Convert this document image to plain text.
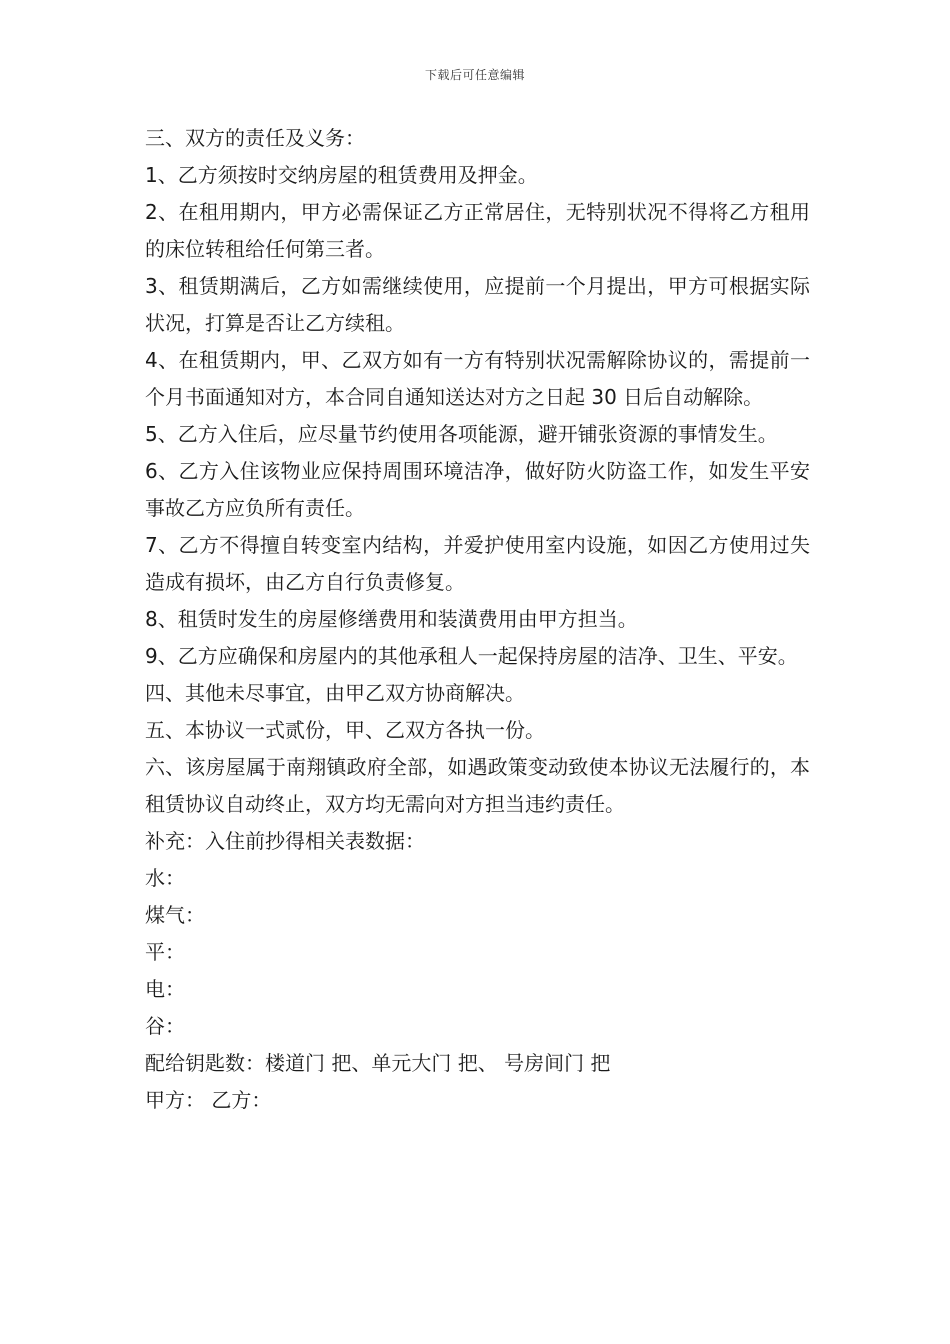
下载后可任意编辑

三、双方的责任及义务：

1、乙方须按时交纳房屋的租赁费用及押金。

2、在租用期内，甲方必需保证乙方正常居住，无特别状况不得将乙方租用的床位转租给任何第三者。

3、租赁期满后，乙方如需继续使用，应提前一个月提出，甲方可根据实际状况，打算是否让乙方续租。

4、在租赁期内，甲、乙双方如有一方有特别状况需解除协议的，需提前一个月书面通知对方，本合同自通知送达对方之日起 30 日后自动解除。

5、乙方入住后，应尽量节约使用各项能源，避开铺张资源的事情发生。

6、乙方入住该物业应保持周围环境洁净，做好防火防盗工作，如发生平安事故乙方应负所有责任。

7、乙方不得擅自转变室内结构，并爱护使用室内设施，如因乙方使用过失造成有损坏，由乙方自行负责修复。

8、租赁时发生的房屋修缮费用和装潢费用由甲方担当。

9、乙方应确保和房屋内的其他承租人一起保持房屋的洁净、卫生、平安。

四、其他未尽事宜，由甲乙双方协商解决。

五、本协议一式贰份，甲、乙双方各执一份。

六、该房屋属于南翔镇政府全部，如遇政策变动致使本协议无法履行的，本租赁协议自动终止，双方均无需向对方担当违约责任。

补充：入住前抄得相关表数据：

水：

煤气：

平：

电：

谷：

配给钥匙数：楼道门 把、单元大门 把、 号房间门 把

甲方： 乙方：
